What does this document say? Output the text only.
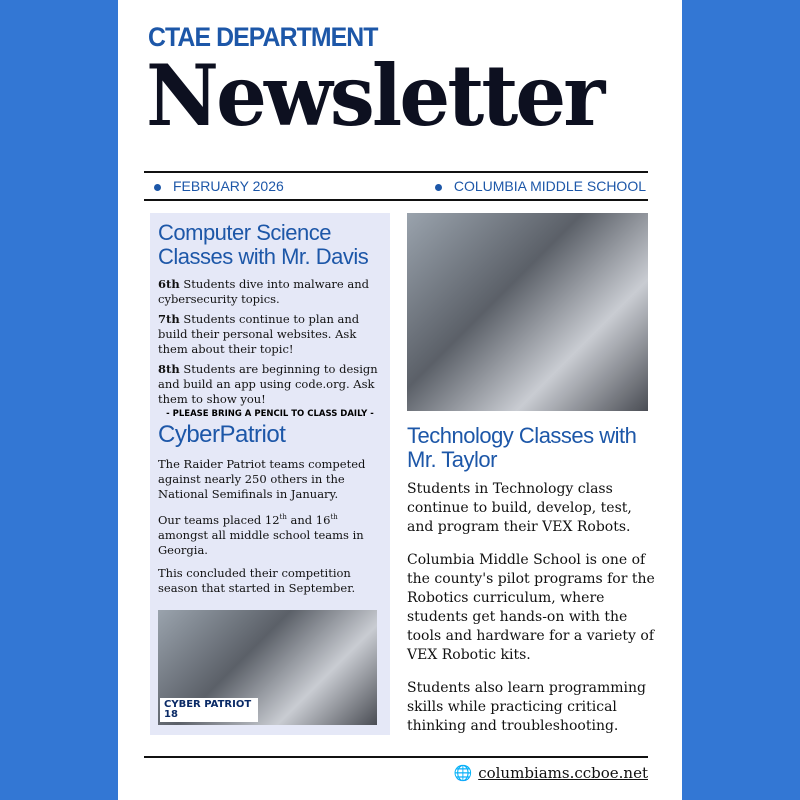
CTAE DEPARTMENT
Newsletter
FEBRUARY 2026	COLUMBIA MIDDLE SCHOOL
Computer Science Classes with Mr. Davis

6th Students dive into malware and cybersecurity topics.

7th Students continue to plan and build their personal websites. Ask them about their topic!

8th Students are beginning to design and build an app using code.org. Ask them to show you!

- PLEASE BRING A PENCIL TO CLASS DAILY -
CyberPatriot

The Raider Patriot teams competed against nearly 250 others in the National Semifinals in January.

Our teams placed 12th and 16th amongst all middle school teams in Georgia.

This concluded their competition season that started in September.

CYBER PATRIOT 18
Technology Classes with Mr. Taylor

Students in Technology class continue to build, develop, test, and program their VEX Robots.

Columbia Middle School is one of the county's pilot programs for the Robotics curriculum, where students get hands-on with the tools and hardware for a variety of VEX Robotic kits.

Students also learn programming skills while practicing critical thinking and troubleshooting.

🌐 columbiams.ccboe.net
